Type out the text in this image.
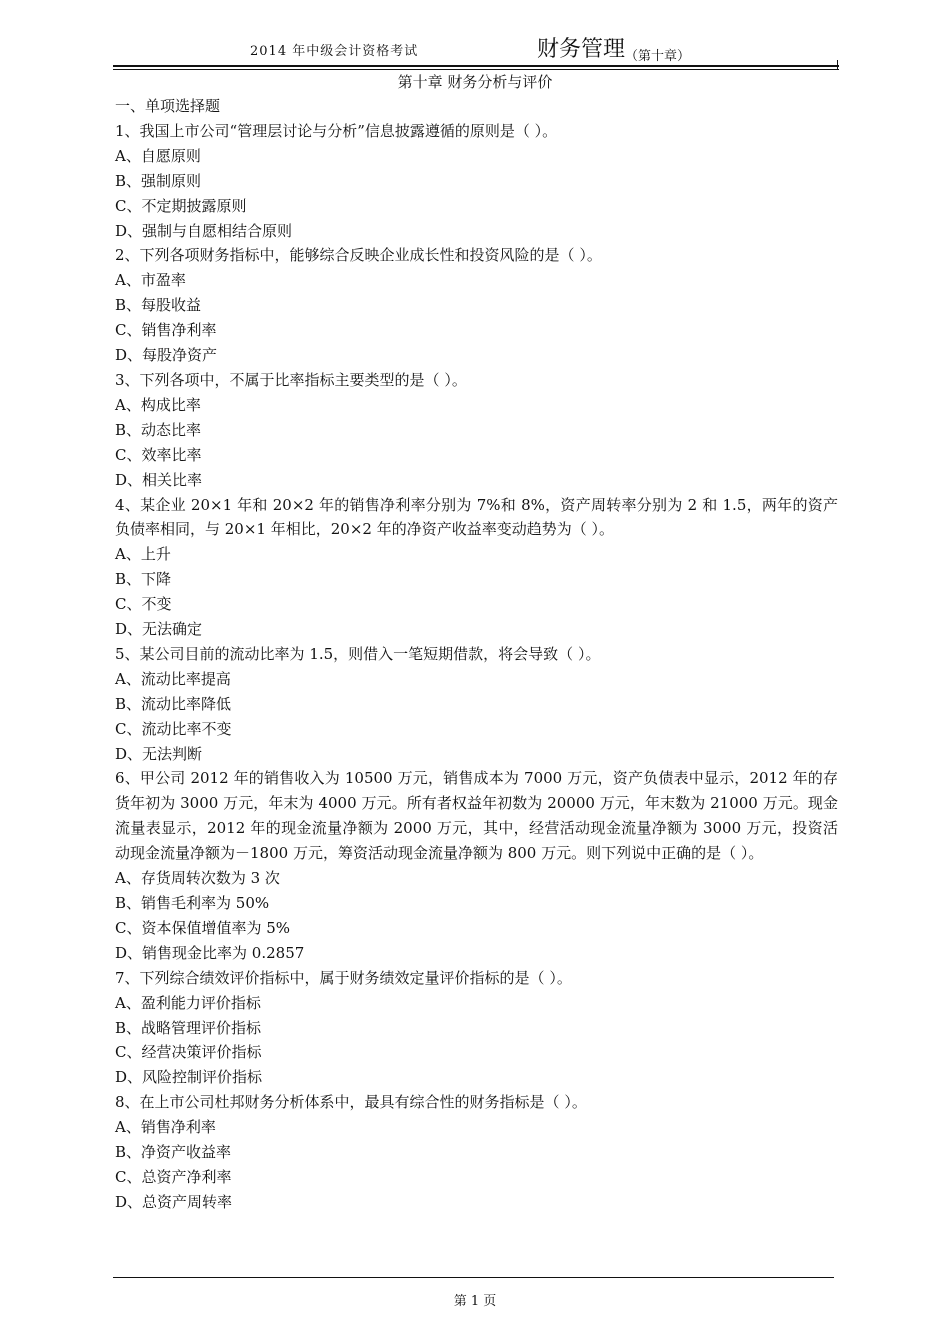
2014 年中级会计资格考试	财务管理$_{(第十章)}$
第十章 财务分析与评价

一、单项选择题

1、我国上市公司“管理层讨论与分析”信息披露遵循的原则是（ ）。

A、自愿原则

B、强制原则

C、不定期披露原则

D、强制与自愿相结合原则

2、下列各项财务指标中，能够综合反映企业成长性和投资风险的是（ ）。

A、市盈率

B、每股收益

C、销售净利率

D、每股净资产

3、下列各项中，不属于比率指标主要类型的是（ ）。

A、构成比率

B、动态比率

C、效率比率

D、相关比率

4、某企业 20×1 年和 20×2 年的销售净利率分别为 7%和 8%，资产周转率分别为 2 和 1.5，两年的资产负债率相同，与 20×1 年相比，20×2 年的净资产收益率变动趋势为（ ）。

A、上升

B、下降

C、不变

D、无法确定

5、某公司目前的流动比率为 1.5，则借入一笔短期借款，将会导致（ ）。

A、流动比率提高

B、流动比率降低

C、流动比率不变

D、无法判断

6、甲公司 2012 年的销售收入为 10500 万元，销售成本为 7000 万元，资产负债表中显示，2012 年的存货年初为 3000 万元，年末为 4000 万元。所有者权益年初数为 20000 万元，年末数为 21000 万元。现金流量表显示，2012 年的现金流量净额为 2000 万元，其中，经营活动现金流量净额为 3000 万元，投资活动现金流量净额为－1800 万元，筹资活动现金流量净额为 800 万元。则下列说中正确的是（ ）。

A、存货周转次数为 3 次

B、销售毛利率为 50%

C、资本保值增值率为 5%

D、销售现金比率为 0.2857

7、下列综合绩效评价指标中，属于财务绩效定量评价指标的是（ ）。

A、盈利能力评价指标

B、战略管理评价指标

C、经营决策评价指标

D、风险控制评价指标

8、在上市公司杜邦财务分析体系中，最具有综合性的财务指标是（ ）。

A、销售净利率

B、净资产收益率

C、总资产净利率

D、总资产周转率

第 1 页
